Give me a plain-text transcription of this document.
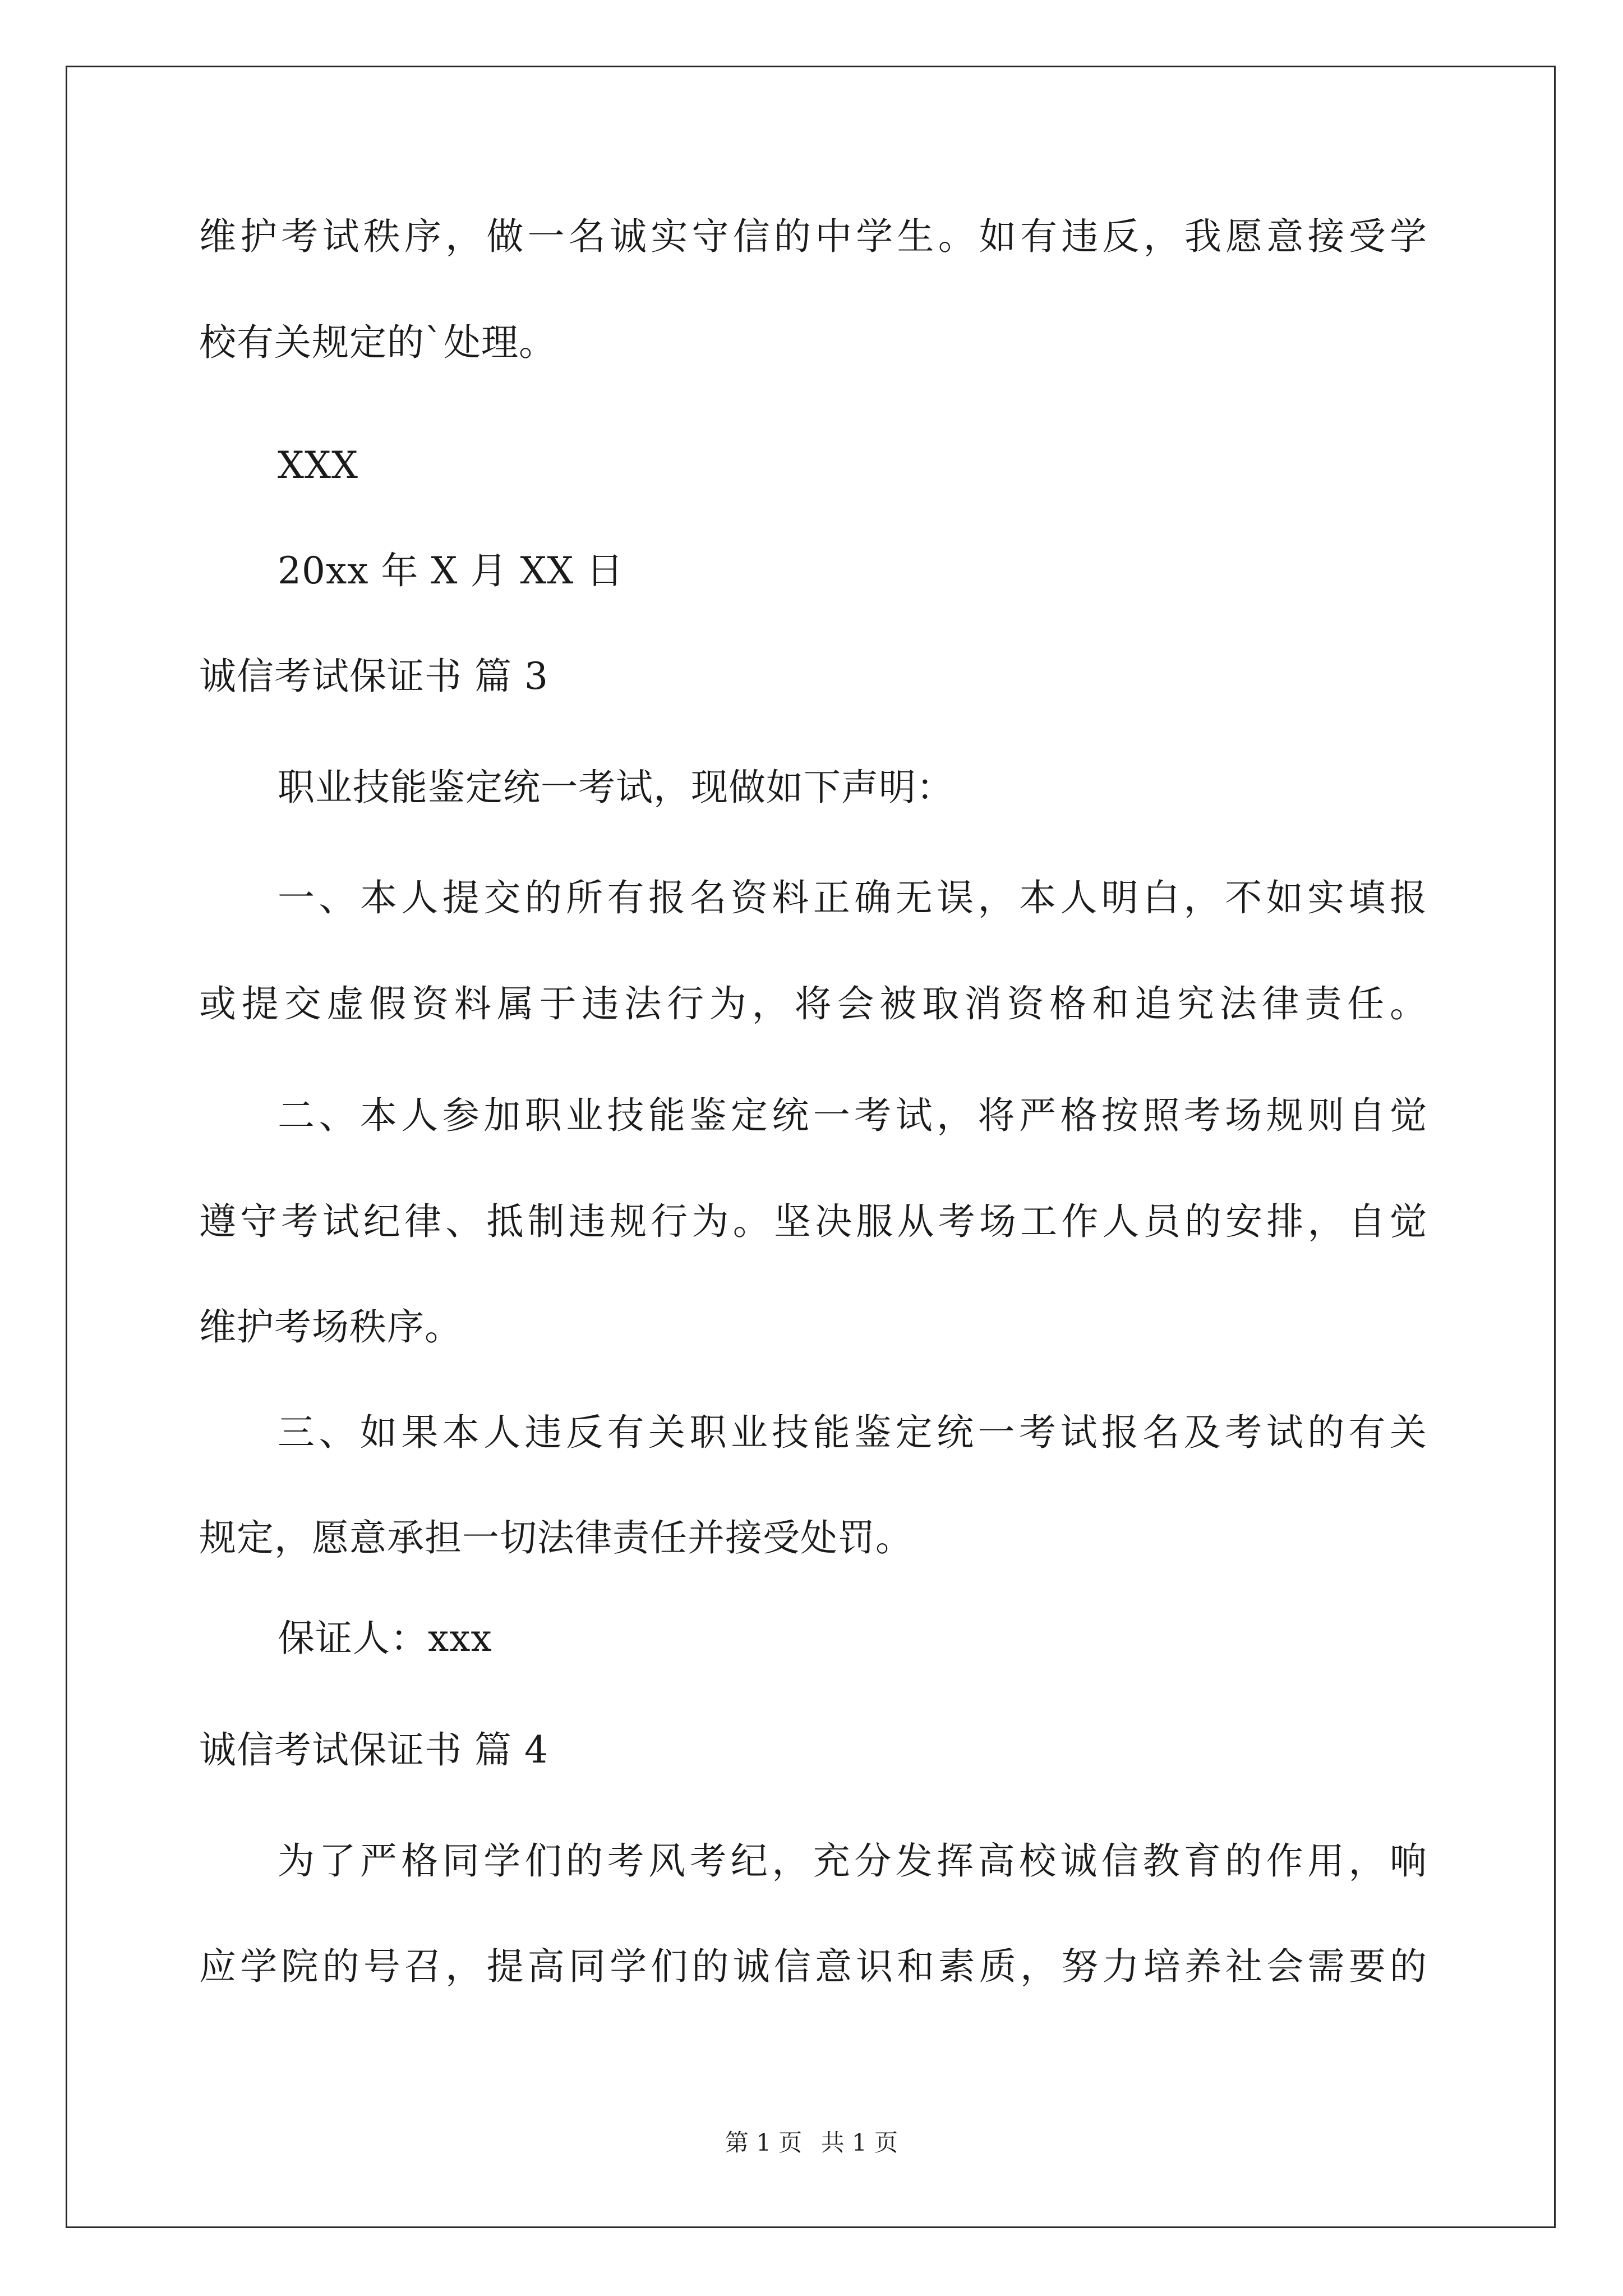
维护考试秩序，做一名诚实守信的中学生。如有违反，我愿意接受学
校有关规定的`处理。
XXX
20xx 年 X 月 XX 日
诚信考试保证书 篇 3
职业技能鉴定统一考试，现做如下声明：
一、本人提交的所有报名资料正确无误，本人明白，不如实填报
或提交虚假资料属于违法行为，将会被取消资格和追究法律责任。
二、本人参加职业技能鉴定统一考试，将严格按照考场规则自觉
遵守考试纪律、抵制违规行为。坚决服从考场工作人员的安排，自觉
维护考场秩序。
三、如果本人违反有关职业技能鉴定统一考试报名及考试的有关
规定，愿意承担一切法律责任并接受处罚。
保证人：xxx
诚信考试保证书 篇 4
为了严格同学们的考风考纪，充分发挥高校诚信教育的作用，响
应学院的号召，提高同学们的诚信意识和素质，努力培养社会需要的
第 1 页 共 1 页
